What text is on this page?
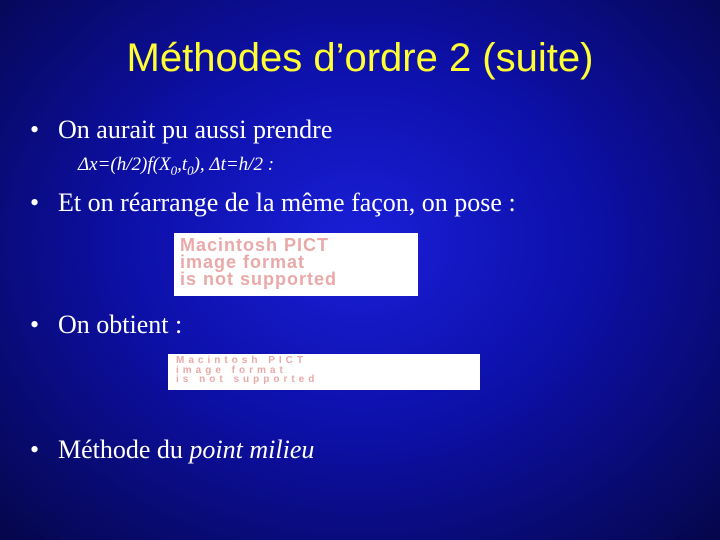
Méthodes d’ordre 2 (suite)
• On aurait pu aussi prendre
$\Delta x=(h/2)f(X_0,t_0)$, Δt=h/2 :
• Et on réarrange de la même façon, on pose :
Macintosh PICT
image format
is not supported
• On obtient :
Macintosh PICT
image format
is not supported
• Méthode du point milieu
